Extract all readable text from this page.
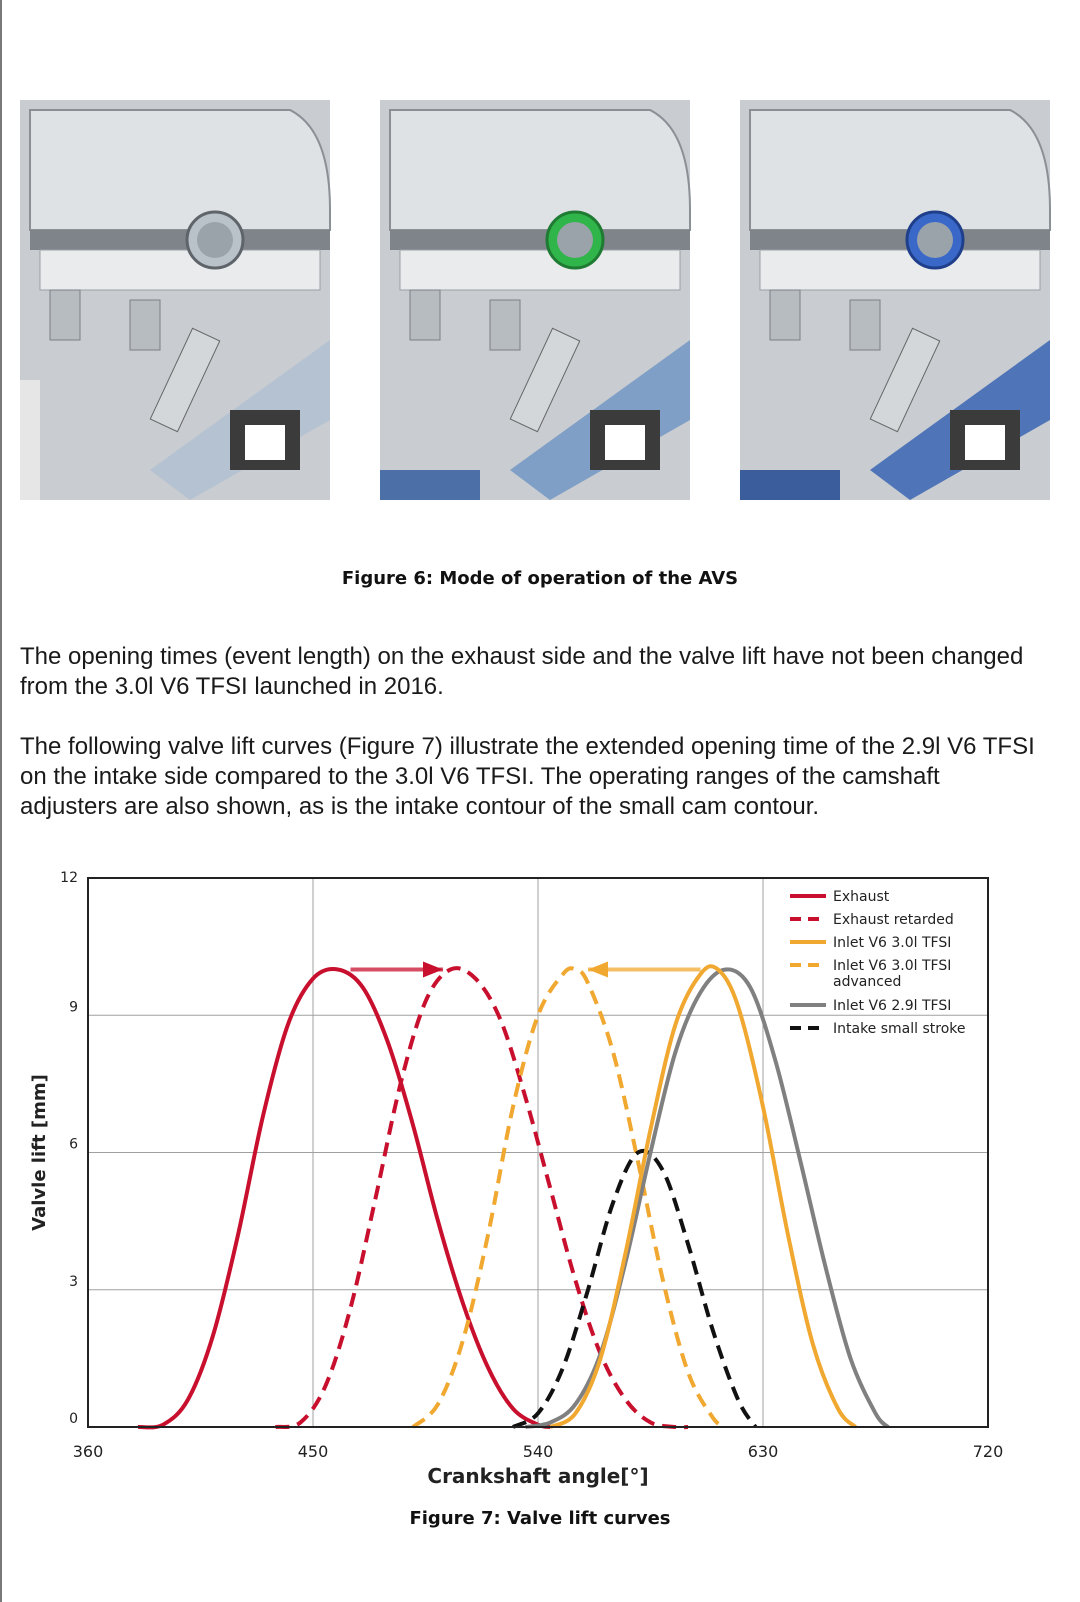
Figure 6: Mode of operation of the AVS
The opening times (event length) on the exhaust side and the valve lift have not been changed from the 3.0l V6 TFSI launched in 2016.
The following valve lift curves (Figure 7) illustrate the extended opening time of the 2.9l V6 TFSI on the intake side compared to the 3.0l V6 TFSI. The operating ranges of the camshaft adjusters are also shown, as is the intake contour of the small cam contour.
360	450	540	630	720
0
3
6
9
12
Crankshaft angle[°]
Valvle lift [mm]
Exhaust
Exhaust retarded
Inlet V6 3.0l TFSI
Inlet V6 3.0l TFSI
advanced
Inlet V6 2.9l TFSI
Intake small stroke
Figure 7: Valve lift curves
